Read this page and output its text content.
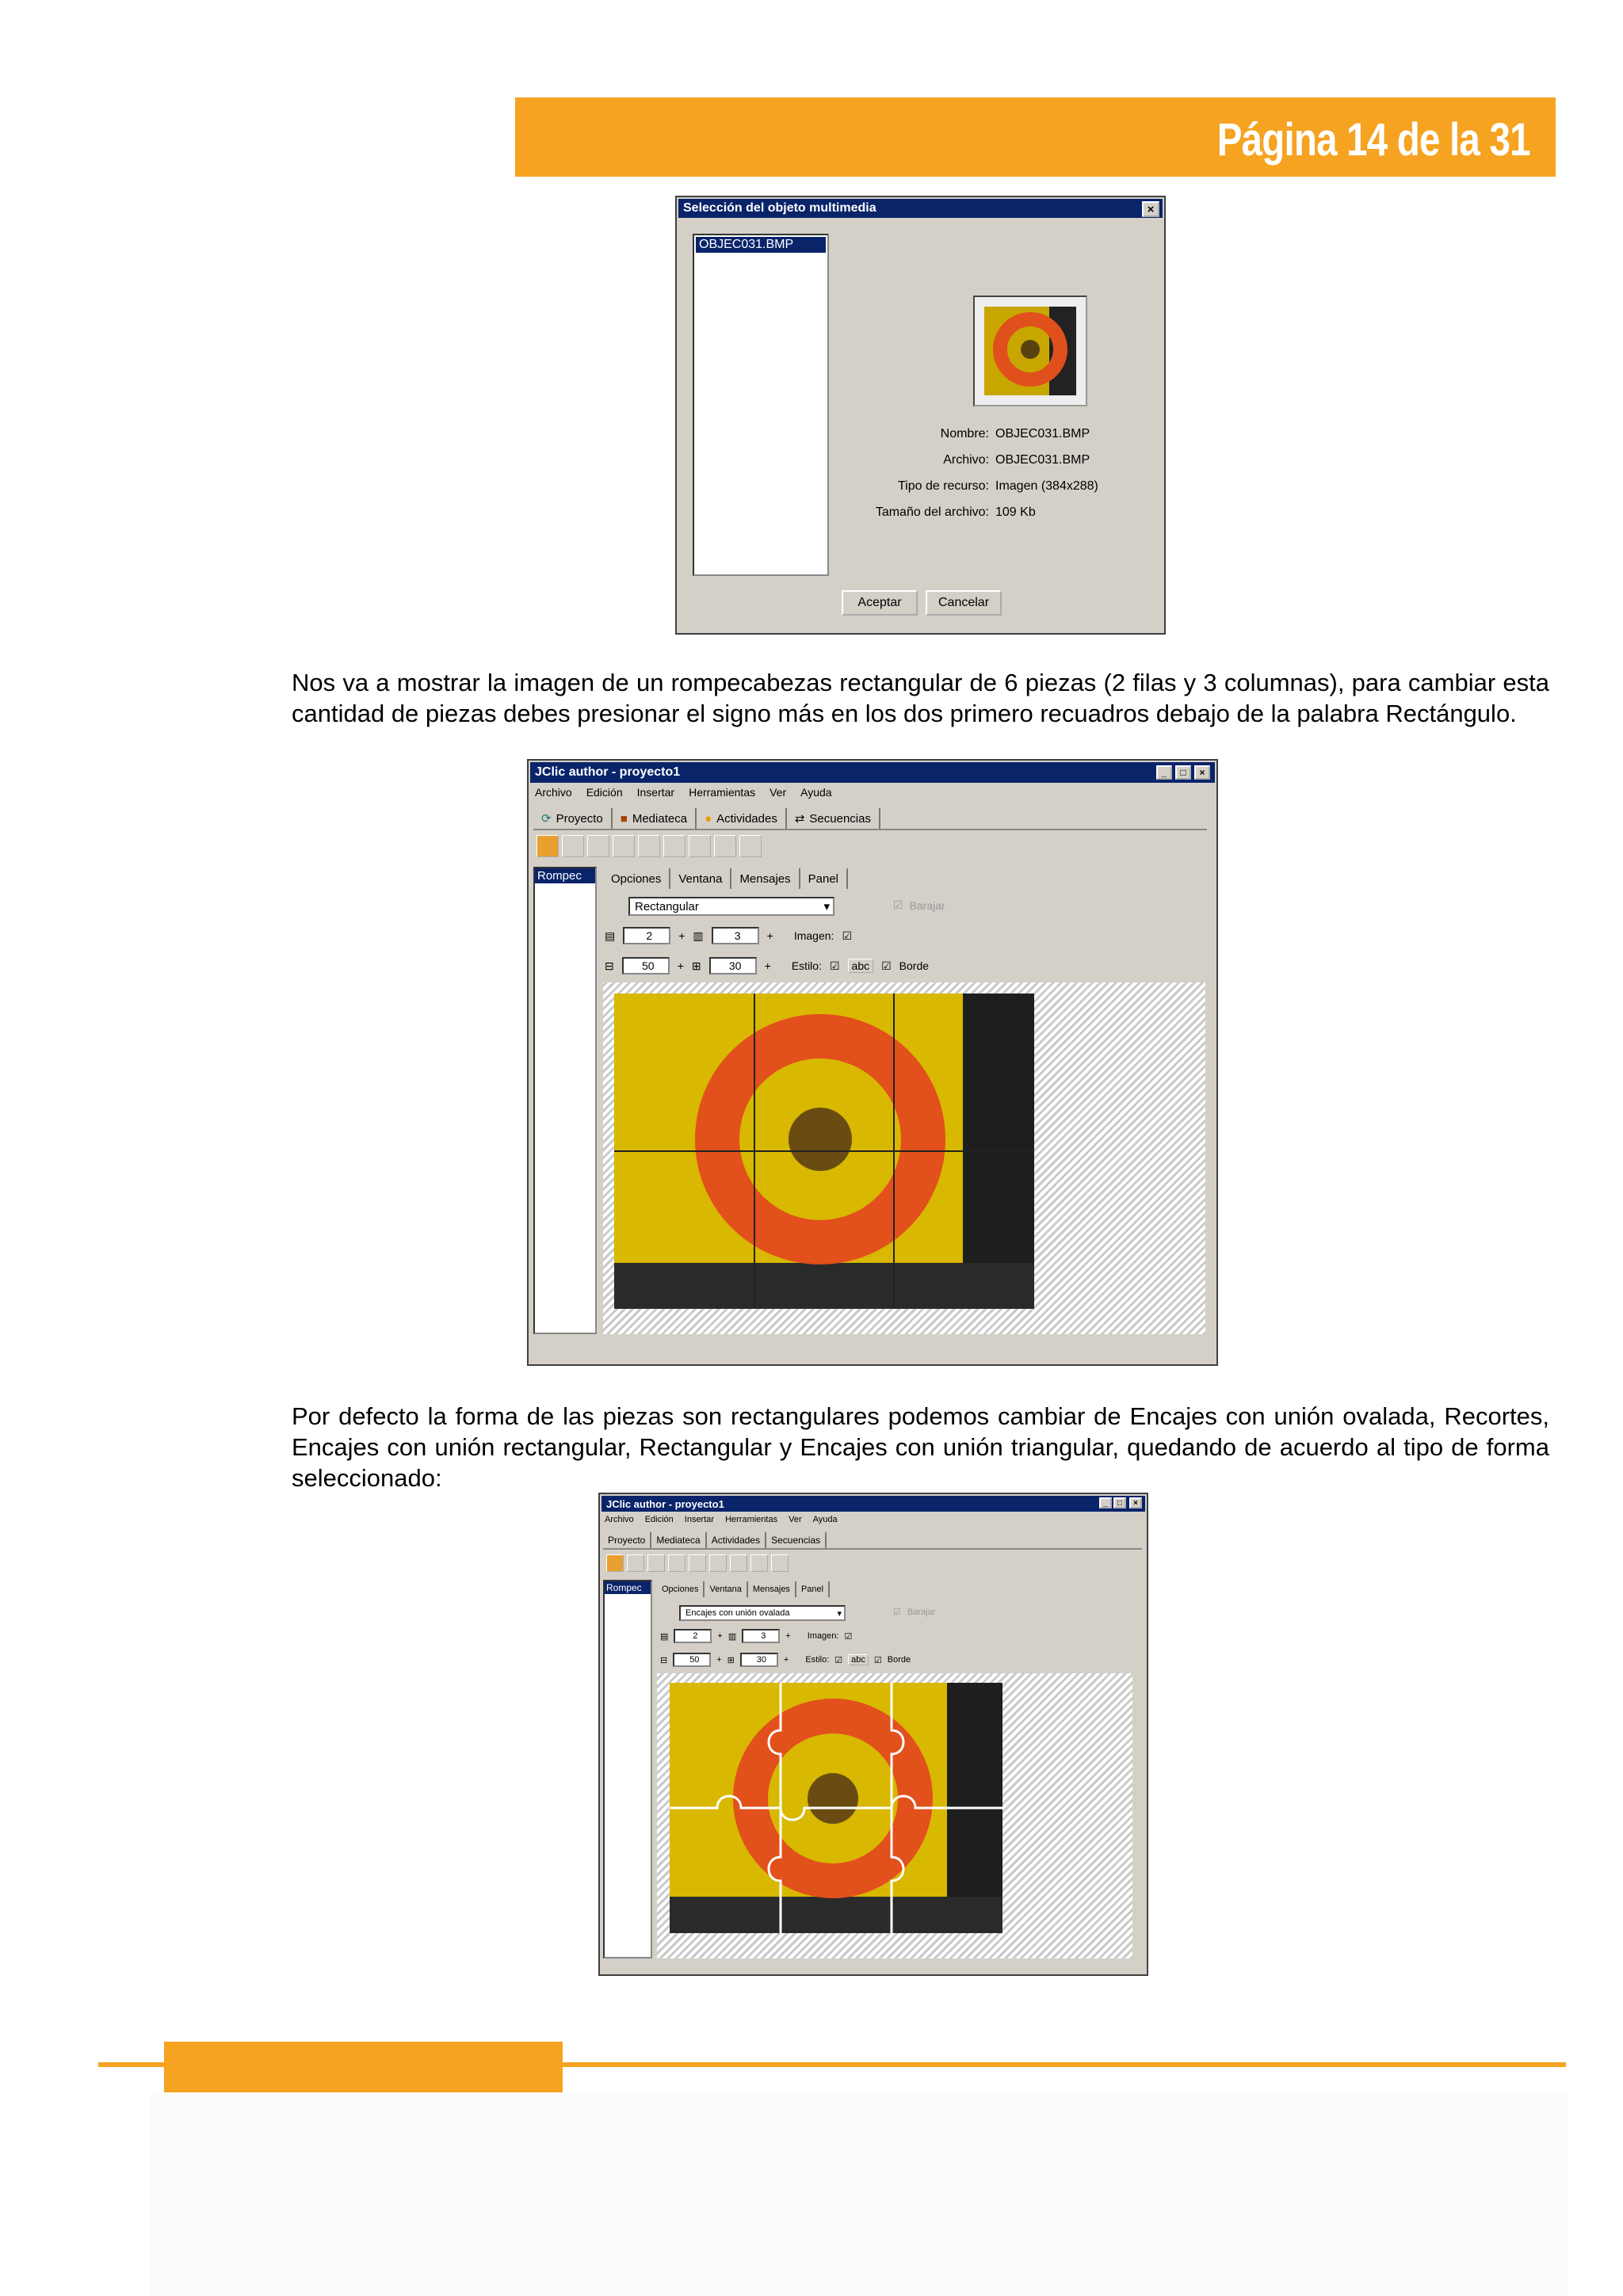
Página 14 de la 31
Selección del objeto multimedia	×
OBJEC031.BMP
Nombre: OBJEC031.BMP
Archivo: OBJEC031.BMP
Tipo de recurso: Imagen (384x288)
Tamaño del archivo: 109 Kb
Aceptar	Cancelar

Nos va a mostrar la imagen de un rompecabezas rectangular de 6 piezas (2 filas y 3 columnas), para cambiar esta cantidad de piezas debes presionar el signo más en los dos primero recuadros debajo de la palabra Rectángulo.

JClic author - proyecto1	_	□	×
Archivo Edición Insertar Herramientas Ver Ayuda
⟳ Proyecto ■ Mediateca ● Actividades ⇄ Secuencias
Rompec	Opciones Ventana Mensajes Panel
Rectangular	▾	☑ Barajar
▤	2 + ▥	3 + Imagen: ☑
⊟	50 + ⊞	30 + Estilo: ☑	abc	☑ Borde

Por defecto la forma de las piezas son rectangulares podemos cambiar de Encajes con unión ovalada, Recortes, Encajes con unión rectangular, Rectangular y Encajes con unión triangular, quedando de acuerdo al tipo de forma seleccionado:

JClic author - proyecto1	_	□	×
Archivo Edición Insertar Herramientas Ver Ayuda
Proyecto Mediateca Actividades Secuencias
Rompec	Opciones Ventana Mensajes Panel
Encajes con unión ovalada	▾	☑ Barajar
▤	2 + ▥	3 + Imagen: ☑
⊟	50 + ⊞	30 + Estilo: ☑	abc	☑ Borde
